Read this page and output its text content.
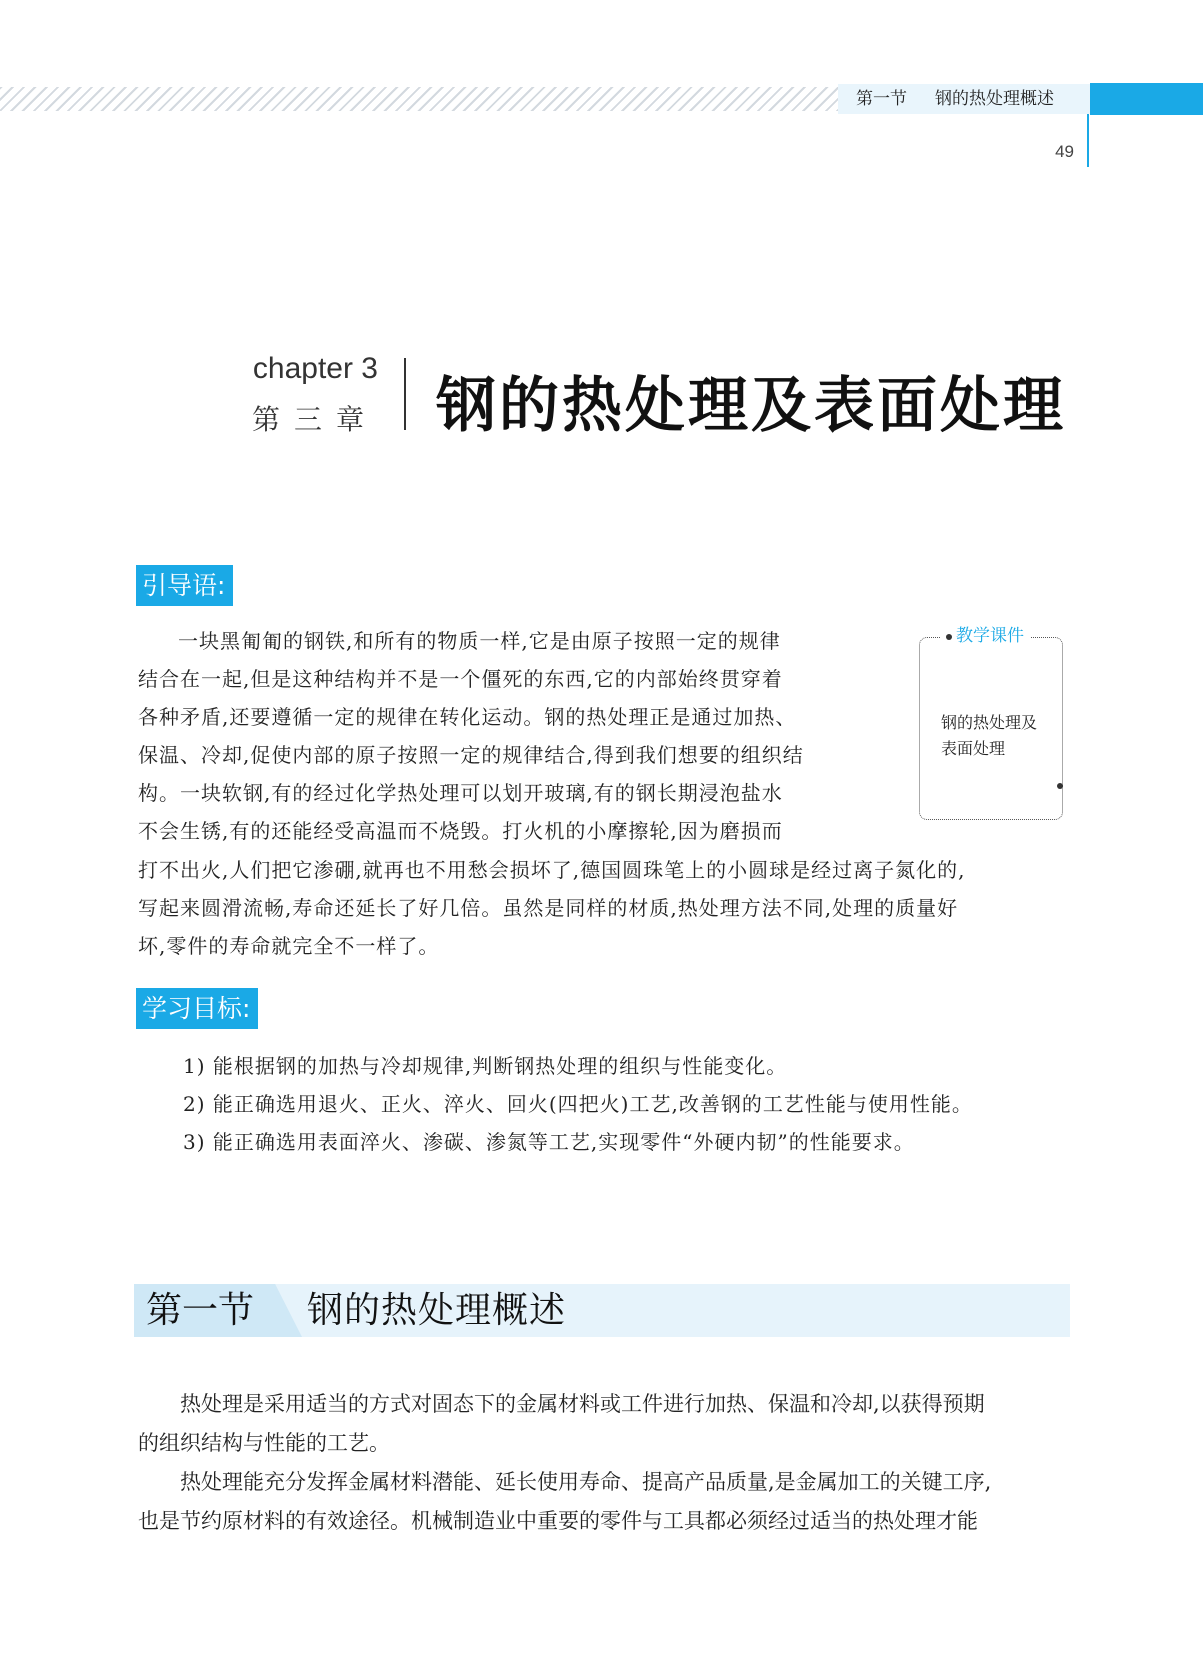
第一节 钢的热处理概述
49
chapter 3
第三章 钢的热处理及表面处理
引导语:
一块黑匍匍的钢铁,和所有的物质一样,它是由原子按照一定的规律
结合在一起,但是这种结构并不是一个僵死的东西,它的内部始终贯穿着
各种矛盾,还要遵循一定的规律在转化运动。钢的热处理正是通过加热、
保温、冷却,促使内部的原子按照一定的规律结合,得到我们想要的组织结
构。一块软钢,有的经过化学热处理可以划开玻璃,有的钢长期浸泡盐水
不会生锈,有的还能经受高温而不烧毁。打火机的小摩擦轮,因为磨损而
打不出火,人们把它渗硼,就再也不用愁会损坏了,德国圆珠笔上的小圆球是经过离子氮化的,
写起来圆滑流畅,寿命还延长了好几倍。虽然是同样的材质,热处理方法不同,处理的质量好
坏,零件的寿命就完全不一样了。
教学课件
钢的热处理及
表面处理
学习目标:
1) 能根据钢的加热与冷却规律,判断钢热处理的组织与性能变化。
2) 能正确选用退火、正火、淬火、回火(四把火)工艺,改善钢的工艺性能与使用性能。
3) 能正确选用表面淬火、渗碳、渗氮等工艺,实现零件“外硬内韧”的性能要求。
第一节 钢的热处理概述
热处理是采用适当的方式对固态下的金属材料或工件进行加热、保温和冷却,以获得预期
的组织结构与性能的工艺。
热处理能充分发挥金属材料潜能、延长使用寿命、提高产品质量,是金属加工的关键工序,
也是节约原材料的有效途径。机械制造业中重要的零件与工具都必须经过适当的热处理才能
